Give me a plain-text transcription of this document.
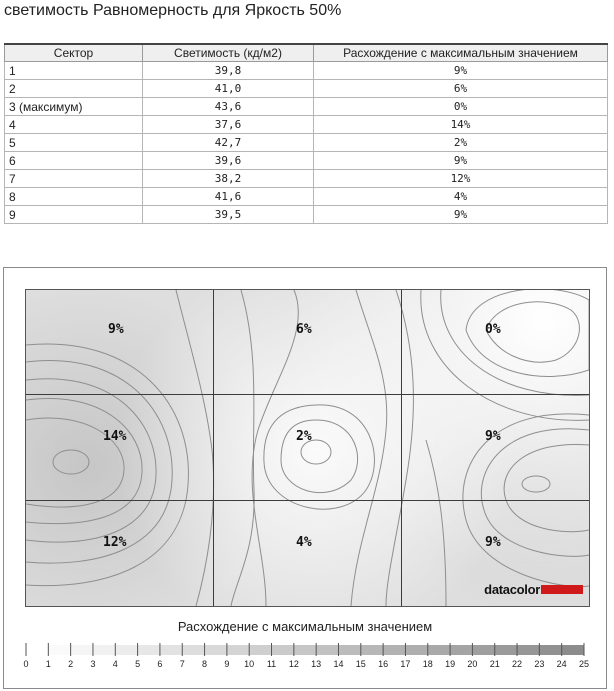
светимость Равномерность для Яркость 50%
Сектор	Светимость (кд/м2)	Расхождение с максимальным значением
1	39,8	9%
2	41,0	6%
3 (максимум)	43,6	0%
4	37,6	14%
5	42,7	2%
6	39,6	9%
7	38,2	12%
8	41,6	4%
9	39,5	9%
9%	6%	0%
14%	2%	9%
12%	4%	9%
datacolor
Расхождение с максимальным значением
0 1 2 3 4 5 6 7 8 9 10 11 12 13 14 15 16 17 18 19 20 21 22 23 24 25
